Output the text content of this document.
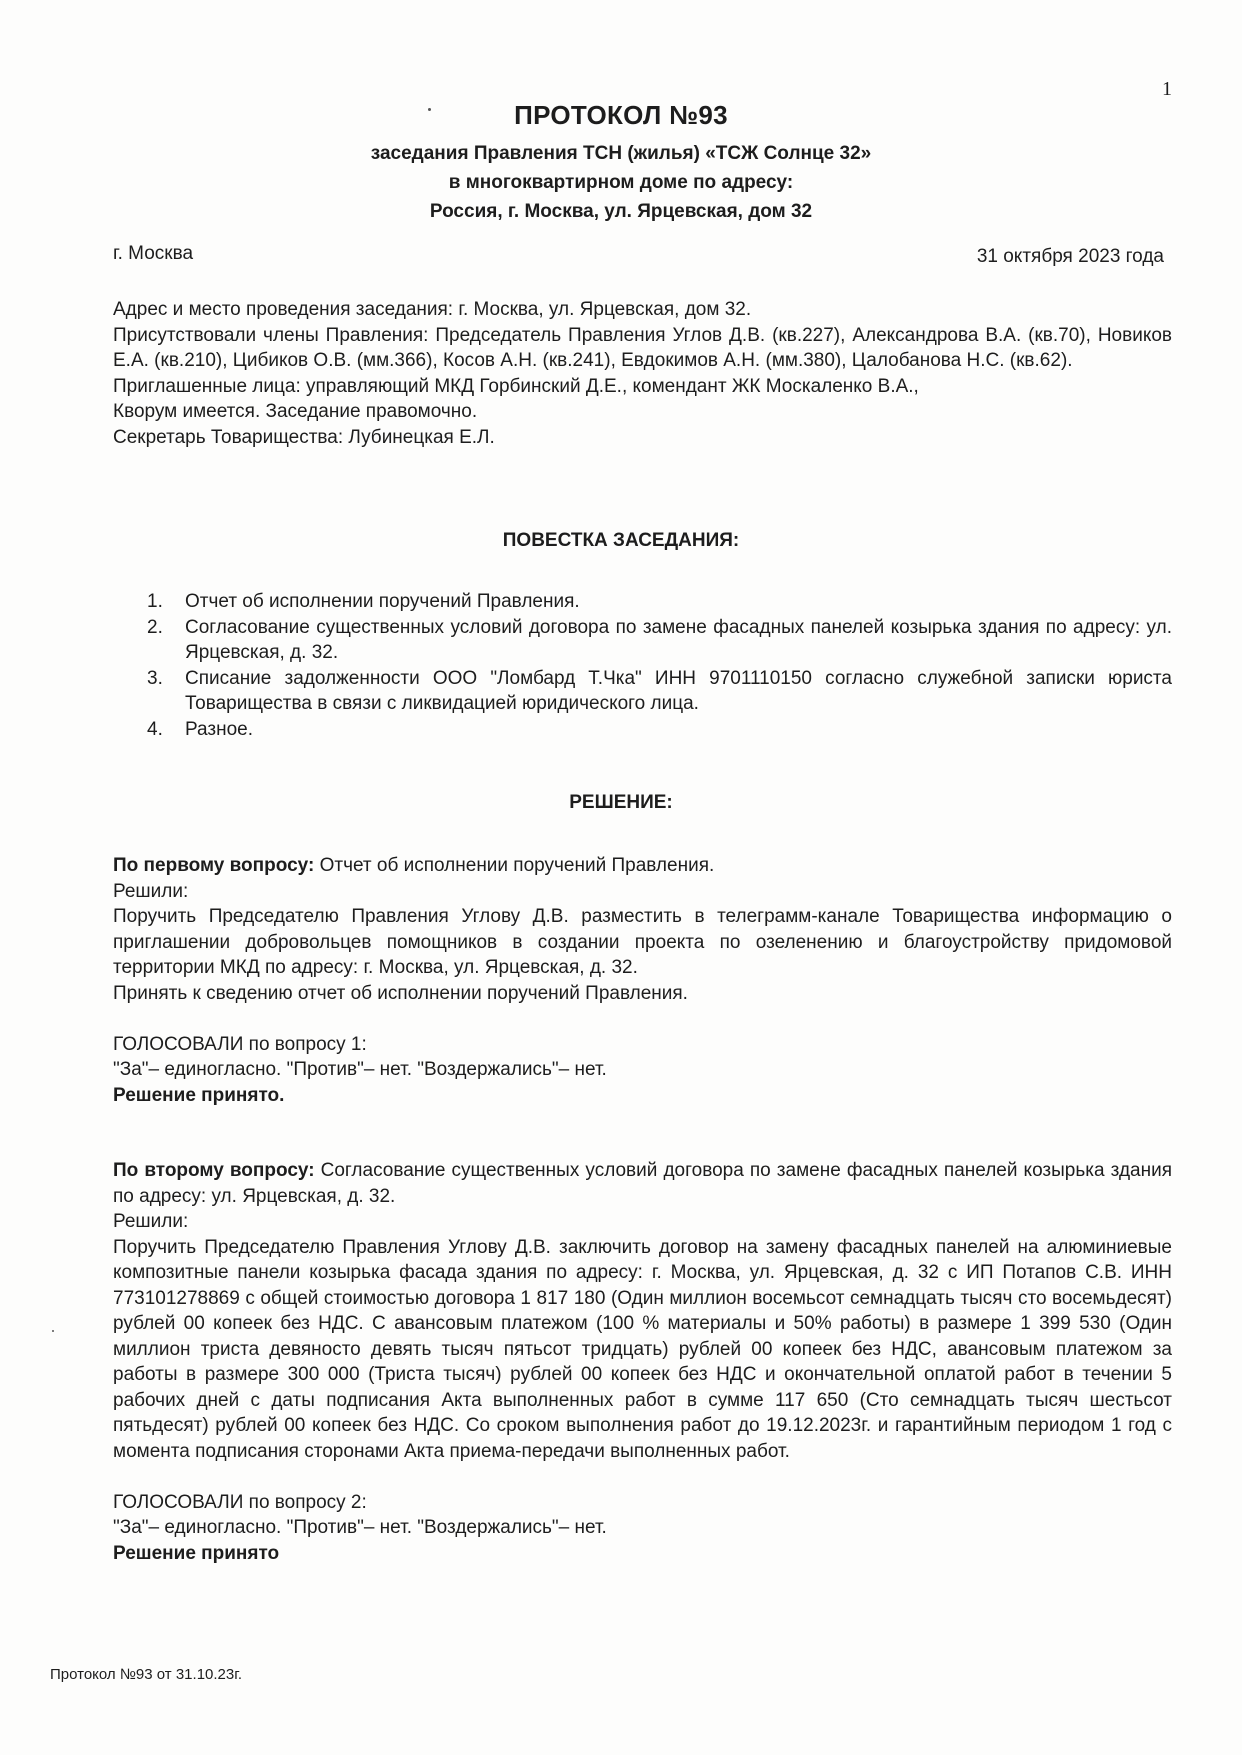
1

ПРОТОКОЛ №93

заседания Правления ТСН (жилья) «ТСЖ Солнце 32»

в многоквартирном доме по адресу:

Россия, г. Москва, ул. Ярцевская, дом 32

г. Москва	31 октября 2023 года

Адрес и место проведения заседания: г. Москва, ул. Ярцевская, дом 32.

Присутствовали члены Правления: Председатель Правления Углов Д.В. (кв.227), Александрова В.А. (кв.70), Новиков Е.А. (кв.210), Цибиков О.В. (мм.366), Косов А.Н. (кв.241), Евдокимов А.Н. (мм.380), Цалобанова Н.С. (кв.62).

Приглашенные лица: управляющий МКД Горбинский Д.Е., комендант ЖК Москаленко В.А.,

Кворум имеется. Заседание правомочно.

Секретарь Товарищества: Лубинецкая Е.Л.

ПОВЕСТКА ЗАСЕДАНИЯ:
1. Отчет об исполнении поручений Правления.
2. Согласование существенных условий договора по замене фасадных панелей козырька здания по адресу: ул. Ярцевская, д. 32.
3. Списание задолженности ООО "Ломбард Т.Чка" ИНН 9701110150 согласно служебной записки юриста Товарищества в связи с ликвидацией юридического лица.
4. Разное.
РЕШЕНИЕ:

По первому вопросу: Отчет об исполнении поручений Правления.

Решили:

Поручить Председателю Правления Углову Д.В. разместить в телеграмм-канале Товарищества информацию о приглашении добровольцев помощников в создании проекта по озеленению и благоустройству придомовой территории МКД по адресу: г. Москва, ул. Ярцевская, д. 32.

Принять к сведению отчет об исполнении поручений Правления.

ГОЛОСОВАЛИ по вопросу 1:

"За"– единогласно. "Против"– нет. "Воздержались"– нет.

Решение принято.

По второму вопросу: Согласование существенных условий договора по замене фасадных панелей козырька здания по адресу: ул. Ярцевская, д. 32.

Решили:

Поручить Председателю Правления Углову Д.В. заключить договор на замену фасадных панелей на алюминиевые композитные панели козырька фасада здания по адресу: г. Москва, ул. Ярцевская, д. 32 с ИП Потапов С.В. ИНН 773101278869 с общей стоимостью договора 1 817 180 (Один миллион восемьсот семнадцать тысяч сто восемьдесят) рублей 00 копеек без НДС. С авансовым платежом (100 % материалы и 50% работы) в размере 1 399 530 (Один миллион триста девяносто девять тысяч пятьсот тридцать) рублей 00 копеек без НДС, авансовым платежом за работы в размере 300 000 (Триста тысяч) рублей 00 копеек без НДС и окончательной оплатой работ в течении 5 рабочих дней с даты подписания Акта выполненных работ в сумме 117 650 (Сто семнадцать тысяч шестьсот пятьдесят) рублей 00 копеек без НДС. Со сроком выполнения работ до 19.12.2023г. и гарантийным периодом 1 год с момента подписания сторонами Акта приема-передачи выполненных работ.

ГОЛОСОВАЛИ по вопросу 2:

"За"– единогласно. "Против"– нет. "Воздержались"– нет.

Решение принято

Протокол №93 от 31.10.23г.
